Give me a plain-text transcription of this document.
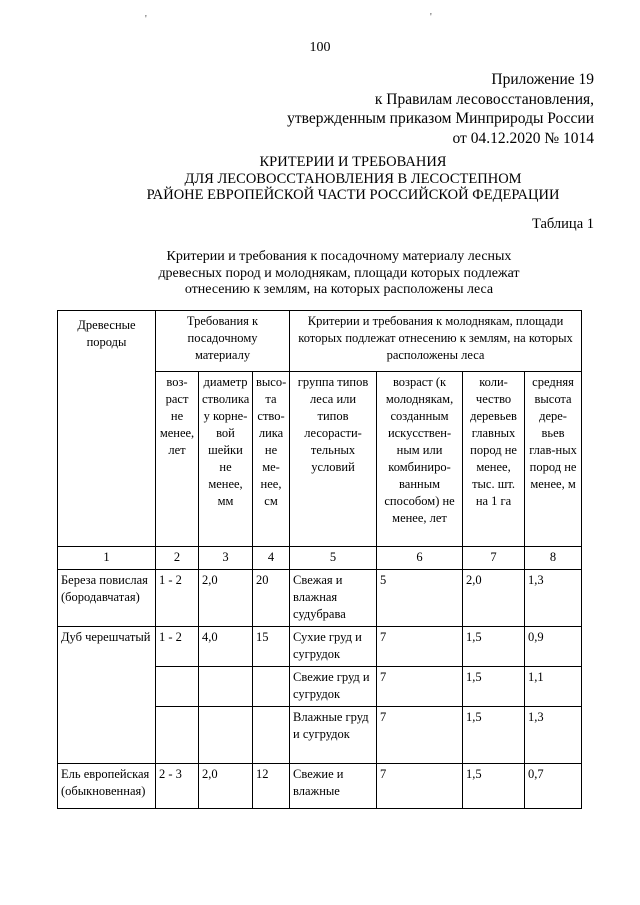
'	'
100
Приложение 19
к Правилам лесовосстановления,
утвержденным приказом Минприроды России
от 04.12.2020 № 1014
КРИТЕРИИ И ТРЕБОВАНИЯ
ДЛЯ ЛЕСОВОССТАНОВЛЕНИЯ В ЛЕСОСТЕПНОМ
РАЙОНЕ ЕВРОПЕЙСКОЙ ЧАСТИ РОССИЙСКОЙ ФЕДЕРАЦИИ
Таблица 1
Критерии и требования к посадочному материалу лесных
древесных пород и молоднякам, площади которых подлежат
отнесению к землям, на которых расположены леса
Древесные породы	Требования к посадочному материалу			Критерии и требования к молоднякам, площади которых подлежат отнесению к землям, на которых расположены леса			
	воз-раст не менее, лет	диаметр стволика у корне-вой шейки не менее, мм	высо-та ство-лика не ме-нее, см	группа типов леса или типов лесорасти-тельных условий	возраст (к молоднякам, созданным искусствен-ным или комбиниро-ванным способом) не менее, лет	коли-чество деревьев главных пород не менее, тыс. шт. на 1 га	средняя высота дере-вьев глав-ных пород не менее, м
1	2	3	4	5	6	7	8
Береза повислая (бородавчатая)	1 - 2	2,0	20	Свежая и влажная судубрава	5	2,0	1,3
Дуб черешчатый	1 - 2	4,0	15	Сухие груд и сугрудок	7	1,5	0,9
				Свежие груд и сугрудок	7	1,5	1,1
				Влажные груд и сугрудок	7	1,5	1,3
Ель европейская (обыкновенная)	2 - 3	2,0	12	Свежие и влажные	7	1,5	0,7
